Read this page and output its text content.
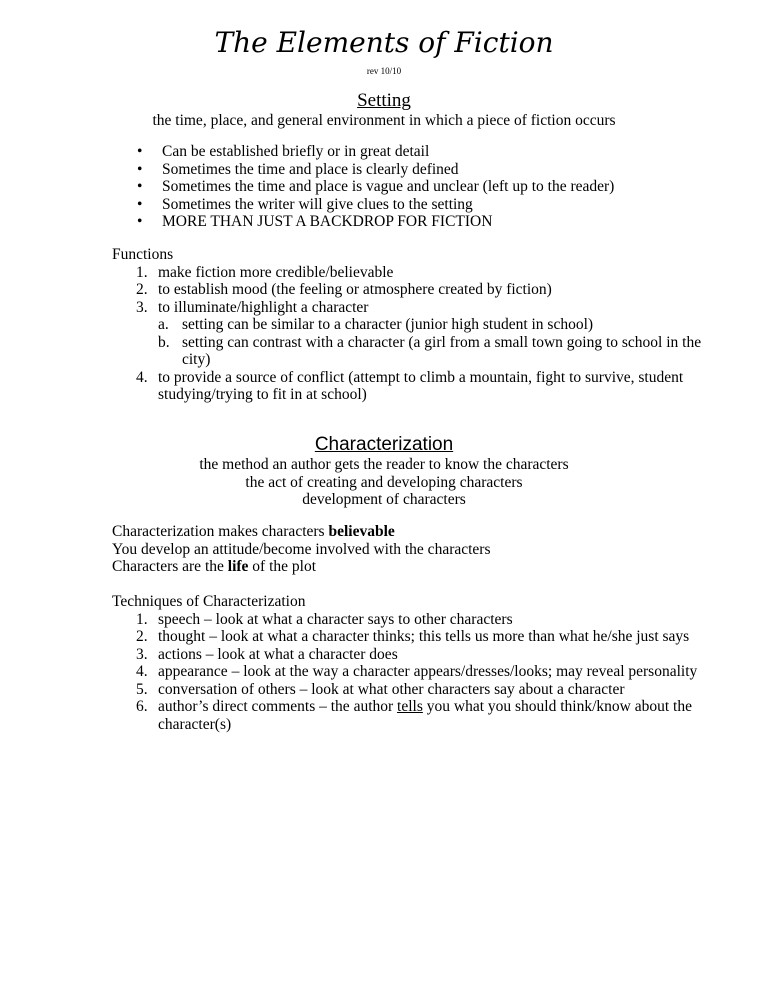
The Elements of Fiction
rev 10/10
Setting
the time, place, and general environment in which a piece of fiction occurs
• Can be established briefly or in great detail
• Sometimes the time and place is clearly defined
• Sometimes the time and place is vague and unclear (left up to the reader)
• Sometimes the writer will give clues to the setting
• MORE THAN JUST A BACKDROP FOR FICTION
Functions
1. make fiction more credible/believable
2. to establish mood (the feeling or atmosphere created by fiction)
3. to illuminate/highlight a character
a. setting can be similar to a character (junior high student in school)
b. setting can contrast with a character (a girl from a small town going to school in the city)
4. to provide a source of conflict (attempt to climb a mountain, fight to survive, student studying/trying to fit in at school)
Characterization
the method an author gets the reader to know the characters
the act of creating and developing characters
development of characters
Characterization makes characters believable
You develop an attitude/become involved with the characters
Characters are the life of the plot
Techniques of Characterization
1. speech – look at what a character says to other characters
2. thought – look at what a character thinks; this tells us more than what he/she just says
3. actions – look at what a character does
4. appearance – look at the way a character appears/dresses/looks; may reveal personality
5. conversation of others – look at what other characters say about a character
6. author’s direct comments – the author tells you what you should think/know about the character(s)
